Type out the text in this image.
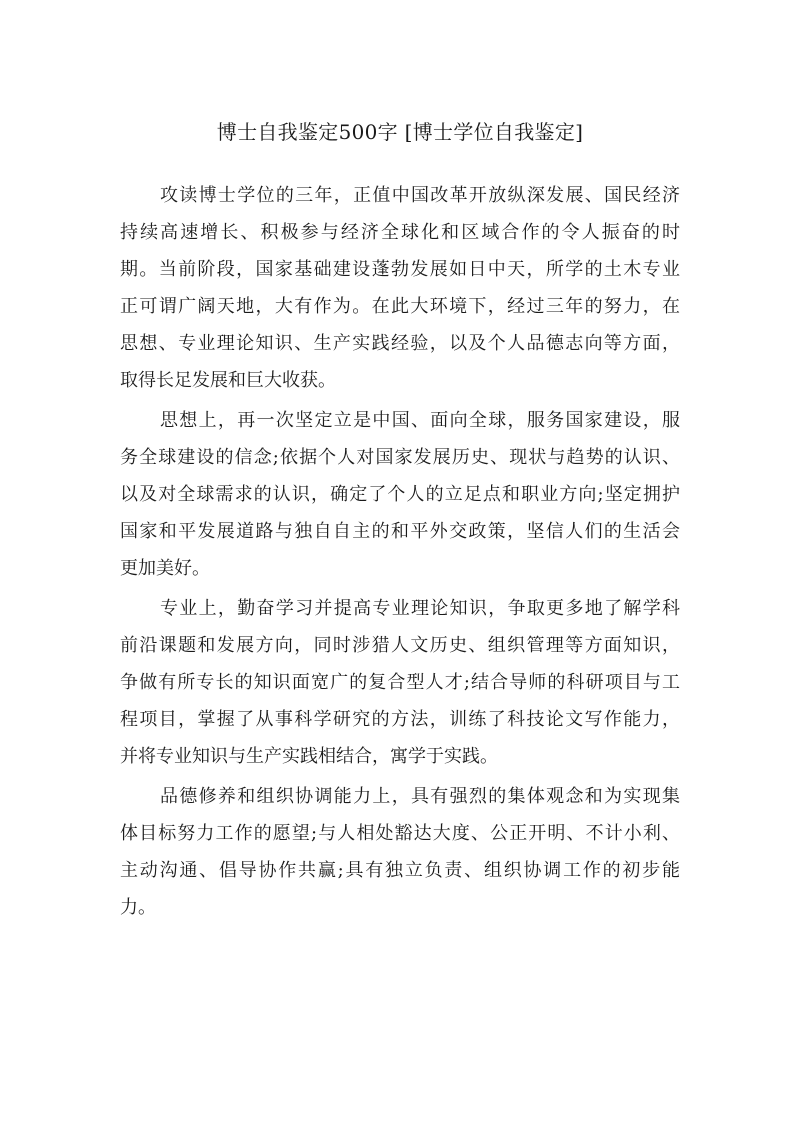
博士自我鉴定500字 [博士学位自我鉴定]
攻读博士学位的三年，正值中国改革开放纵深发展、国民经济
持续高速增长、积极参与经济全球化和区域合作的令人振奋的时
期。当前阶段，国家基础建设蓬勃发展如日中天，所学的土木专业
正可谓广阔天地，大有作为。在此大环境下，经过三年的努力，在
思想、专业理论知识、生产实践经验，以及个人品德志向等方面，
取得长足发展和巨大收获。
思想上，再一次坚定立是中国、面向全球，服务国家建设，服
务全球建设的信念;依据个人对国家发展历史、现状与趋势的认识、
以及对全球需求的认识，确定了个人的立足点和职业方向;坚定拥护
国家和平发展道路与独自自主的和平外交政策，坚信人们的生活会
更加美好。
专业上，勤奋学习并提高专业理论知识，争取更多地了解学科
前沿课题和发展方向，同时涉猎人文历史、组织管理等方面知识，
争做有所专长的知识面宽广的复合型人才;结合导师的科研项目与工
程项目，掌握了从事科学研究的方法，训练了科技论文写作能力，
并将专业知识与生产实践相结合，寓学于实践。
品德修养和组织协调能力上，具有强烈的集体观念和为实现集
体目标努力工作的愿望;与人相处豁达大度、公正开明、不计小利、
主动沟通、倡导协作共赢;具有独立负责、组织协调工作的初步能
力。
